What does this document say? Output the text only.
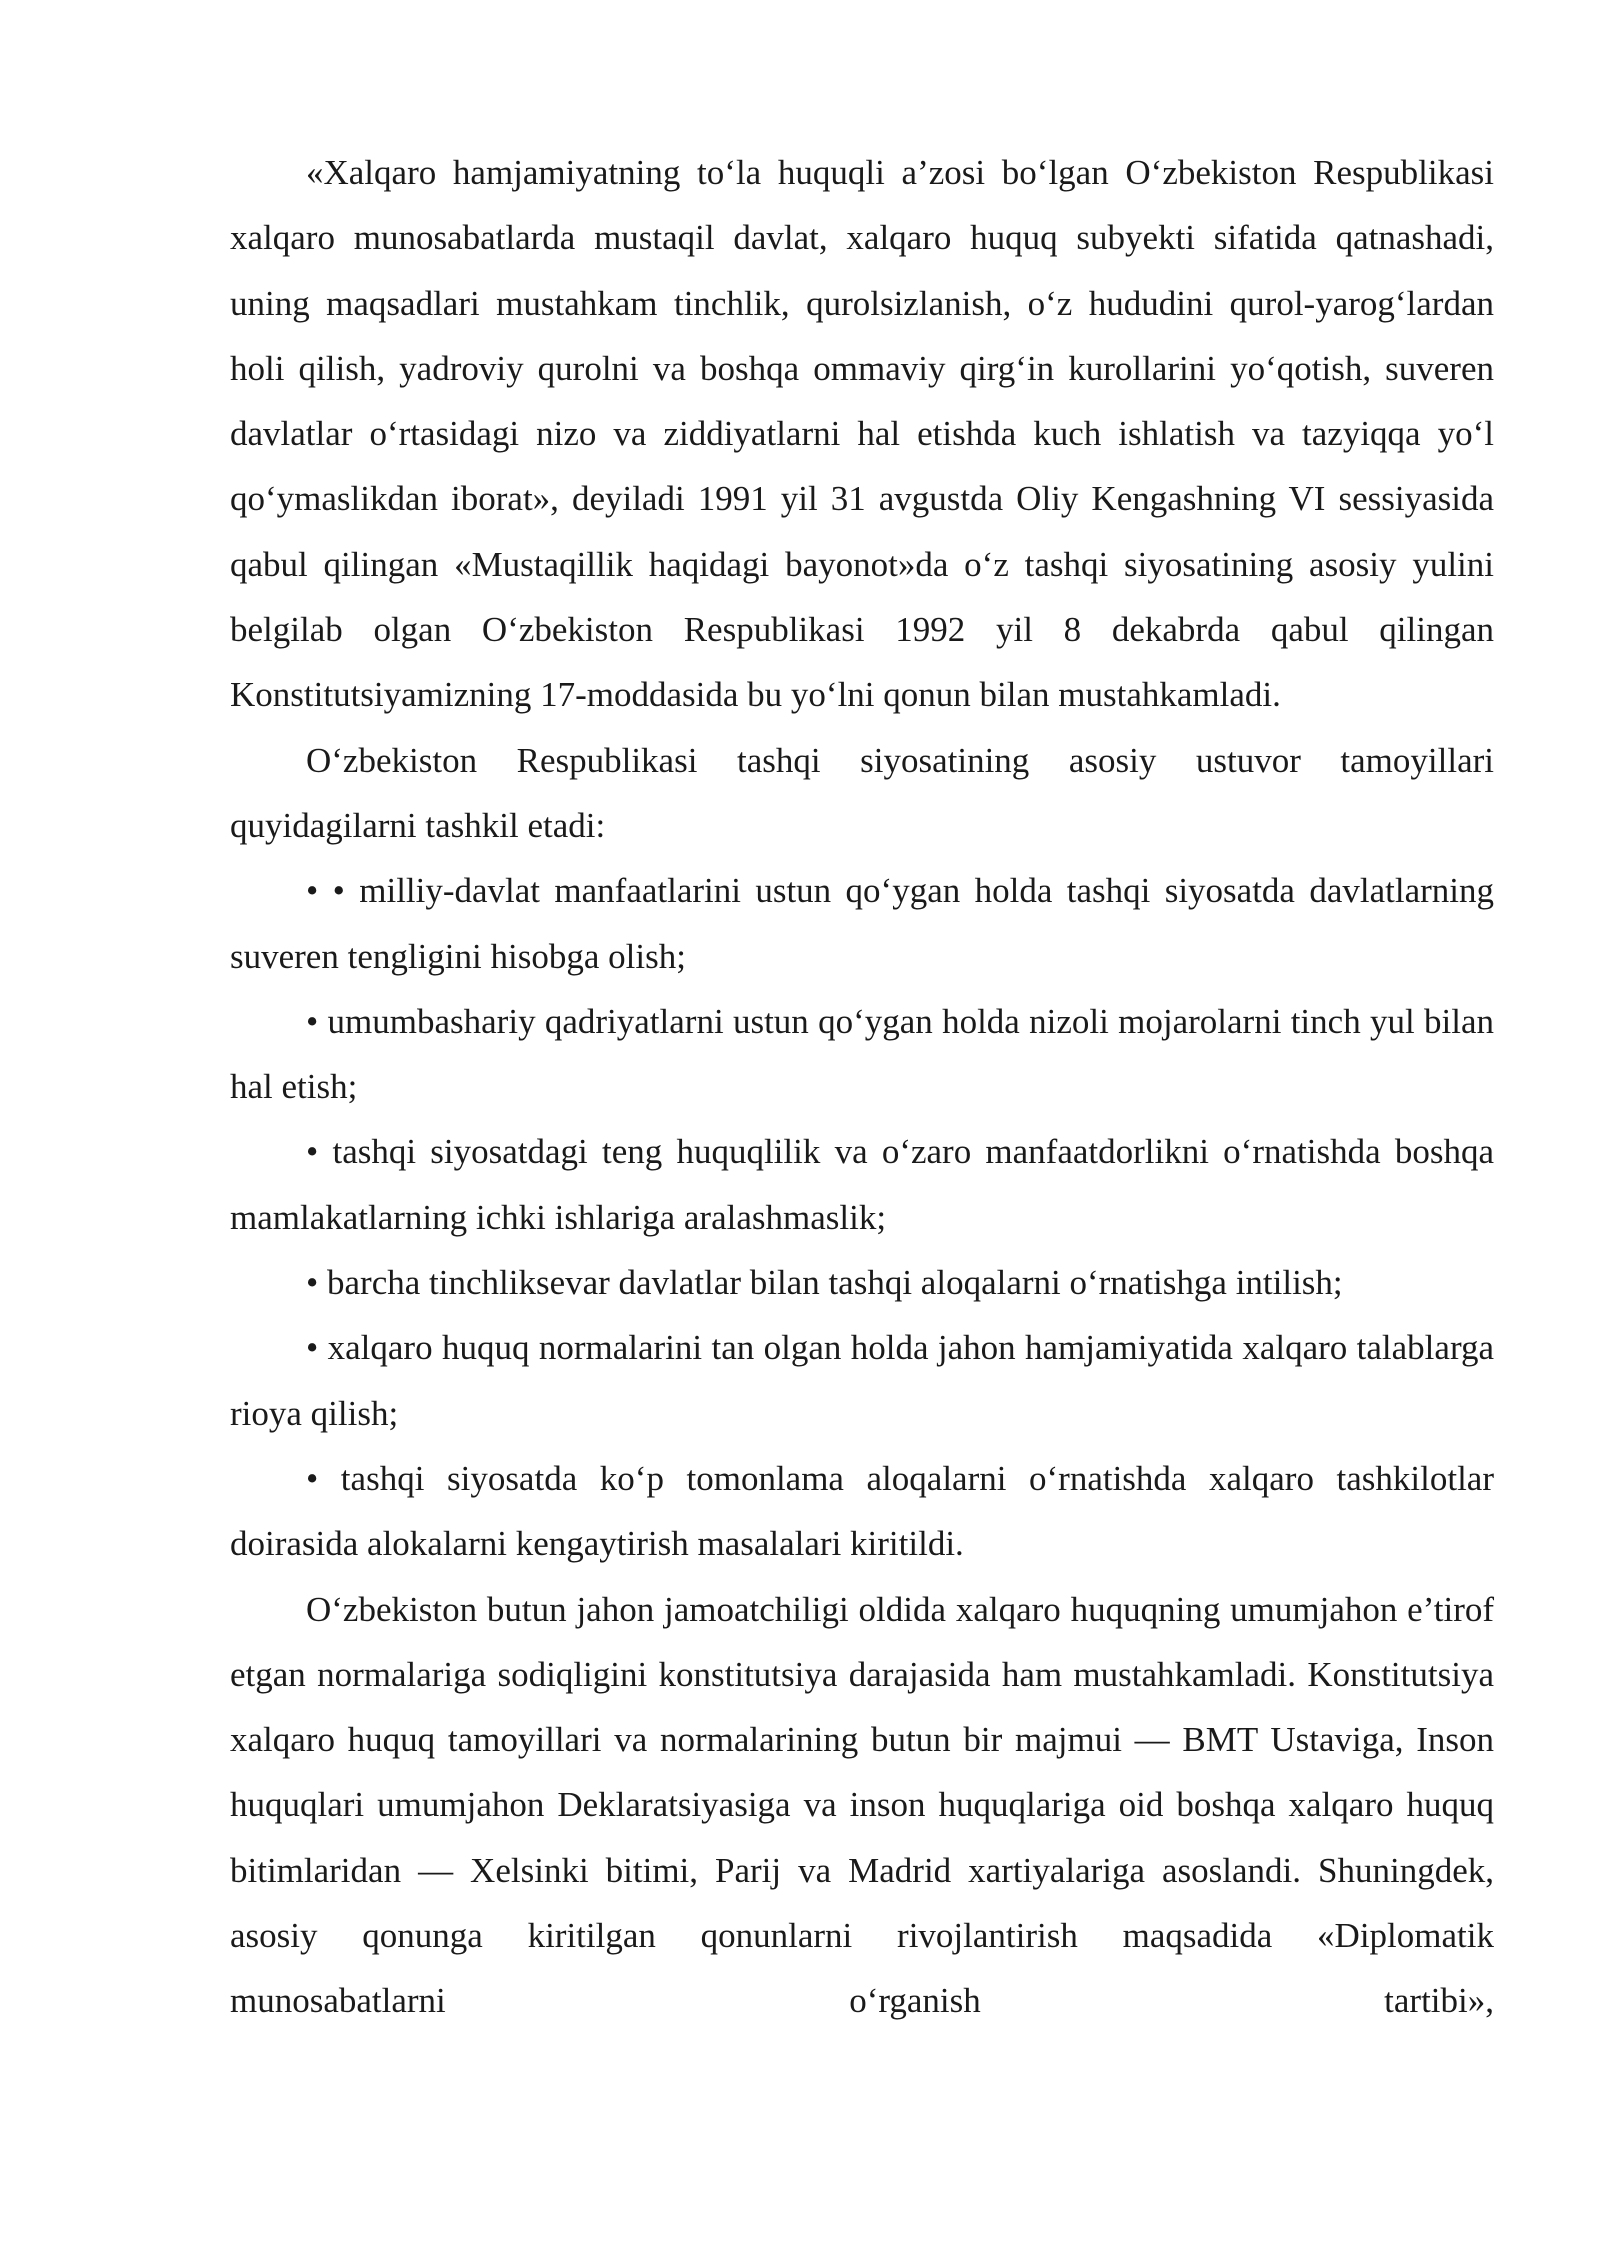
«Xalqaro hamjamiyatning to‘la huquqli a’zosi bo‘lgan O‘zbekiston Respublikasi xalqaro munosabatlarda mustaqil davlat, xalqaro huquq subyekti sifatida qatnashadi, uning maqsadlari mustahkam tinchlik, qurolsizlanish, o‘z hududini qurol-yarog‘lardan holi qilish, yadroviy qurolni va boshqa ommaviy qirg‘in kurollarini yo‘qotish, suveren davlatlar o‘rtasidagi nizo va ziddiyatlarni hal etishda kuch ishlatish va tazyiqqa yo‘l qo‘ymaslikdan iborat», deyiladi 1991 yil 31 avgustda Oliy Kengashning VI sessiyasida qabul qilingan «Mustaqillik haqidagi bayonot»da o‘z tashqi siyosatining asosiy yulini belgilab olgan O‘zbekiston Respublikasi 1992 yil 8 dekabrda qabul qilingan Konstitutsiyamizning 17-moddasida bu yo‘lni qonun bilan mustahkamladi.

O‘zbekiston Respublikasi tashqi siyosatining asosiy ustuvor tamoyillari quyidagilarni tashkil etadi:

• • milliy-davlat manfaatlarini ustun qo‘ygan holda tashqi siyosatda davlatlarning suveren tengligini hisobga olish;

• umumbashariy qadriyatlarni ustun qo‘ygan holda nizoli mojarolarni tinch yul bilan hal etish;

• tashqi siyosatdagi teng huquqlilik va o‘zaro manfaatdorlikni o‘rnatishda boshqa mamlakatlarning ichki ishlariga aralashmaslik;

• barcha tinchliksevar davlatlar bilan tashqi aloqalarni o‘rnatishga intilish;

• xalqaro huquq normalarini tan olgan holda jahon hamjamiyatida xalqaro talablarga rioya qilish;

• tashqi siyosatda ko‘p tomonlama aloqalarni o‘rnatishda xalqaro tashkilotlar doirasida alokalarni kengaytirish masalalari kiritildi.

O‘zbekiston butun jahon jamoatchiligi oldida xalqaro huquqning umumjahon e’tirof etgan normalariga sodiqligini konstitutsiya darajasida ham mustahkamladi. Konstitutsiya xalqaro huquq tamoyillari va normalarining butun bir majmui — BMT Ustaviga, Inson huquqlari umumjahon Deklaratsiyasiga va inson huquqlariga oid boshqa xalqaro huquq bitimlaridan — Xelsinki bitimi, Parij va Madrid xartiyalariga asoslandi. Shuningdek, asosiy qonunga kiritilgan qonunlarni rivojlantirish maqsadida «Diplomatik munosabatlarni o‘rganish tartibi»,
